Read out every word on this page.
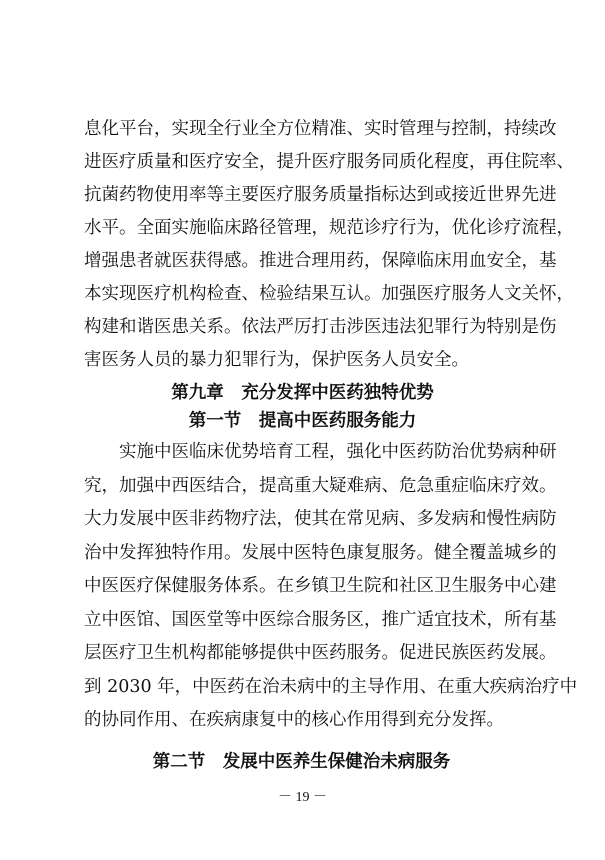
息化平台，实现全行业全方位精准、实时管理与控制，持续改
进医疗质量和医疗安全，提升医疗服务同质化程度，再住院率、
抗菌药物使用率等主要医疗服务质量指标达到或接近世界先进
水平。全面实施临床路径管理，规范诊疗行为，优化诊疗流程，
增强患者就医获得感。推进合理用药，保障临床用血安全，基
本实现医疗机构检查、检验结果互认。加强医疗服务人文关怀，
构建和谐医患关系。依法严厉打击涉医违法犯罪行为特别是伤
害医务人员的暴力犯罪行为，保护医务人员安全。
第九章　充分发挥中医药独特优势
第一节　提高中医药服务能力
　　实施中医临床优势培育工程，强化中医药防治优势病种研
究，加强中西医结合，提高重大疑难病、危急重症临床疗效。
大力发展中医非药物疗法，使其在常见病、多发病和慢性病防
治中发挥独特作用。发展中医特色康复服务。健全覆盖城乡的
中医医疗保健服务体系。在乡镇卫生院和社区卫生服务中心建
立中医馆、国医堂等中医综合服务区，推广适宜技术，所有基
层医疗卫生机构都能够提供中医药服务。促进民族医药发展。
到 2030 年，中医药在治未病中的主导作用、在重大疾病治疗中
的协同作用、在疾病康复中的核心作用得到充分发挥。
第二节　发展中医养生保健治未病服务
－ 19 －
